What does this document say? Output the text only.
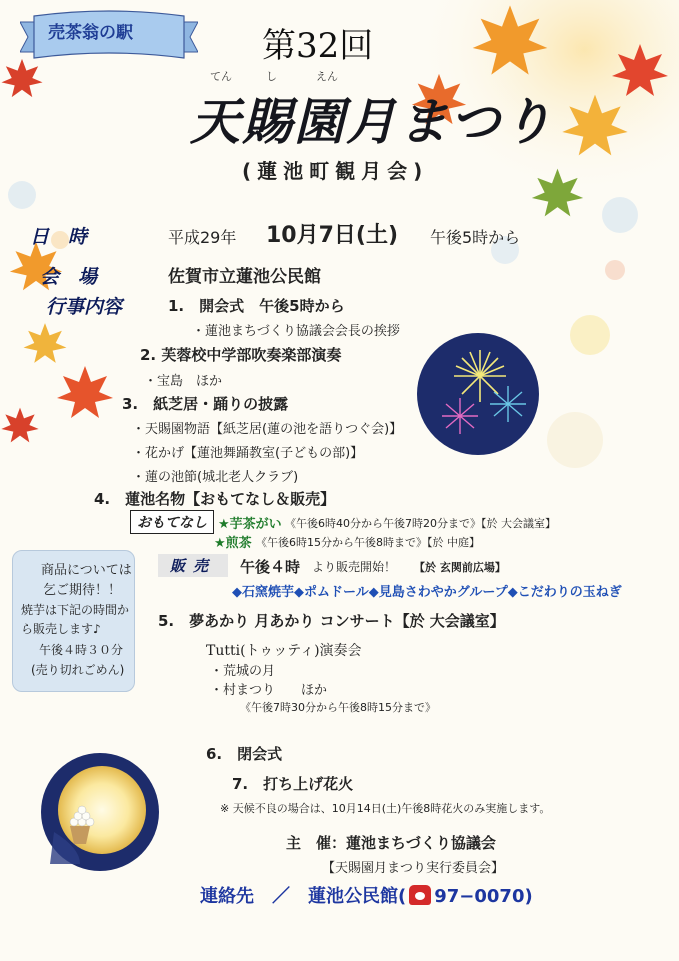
売茶翁の駅	第32回
てん	し	えん
天賜園月まつり
(蓮池町観月会)
日　時	平成29年 10月7日(土) 午後5時から
会　場	佐賀市立蓮池公民館
行事内容	1.　開会式　午後5時から
・蓮池まちづくり協議会会長の挨拶
2. 芙蓉校中学部吹奏楽部演奏
・宝島　ほか
3.　紙芝居・踊りの披露
・天賜園物語【紙芝居(蓮の池を語りつぐ会)】
・花かげ【蓮池舞踊教室(子どもの部)】
・蓮の池節(城北老人クラブ)
4.　蓮池名物【おもてなし＆販売】
おもてなし ★芋茶がい 《午後6時40分から午後7時20分まで》【於 大会議室】
★煎茶 《午後6時15分から午後8時まで》【於 中庭】
販売	午後４時 より販売開始！ 【於 玄関前広場】
◆石窯焼芋◆ポムドール◆見島さわやかグループ◆こだわりの玉ねぎ
5.　夢あかり 月あかり コンサート【於 大会議室】
Tutti(トゥッティ)演奏会
・荒城の月
・村まつり　　ほか
《午後7時30分から午後8時15分まで》
6.　閉会式
7.　打ち上げ花火
※ 天候不良の場合は、10月14日(土)午後8時花火のみ実施します。
主　催：蓮池まちづくり協議会
【天賜園月まつり実行委員会】
連絡先　／　蓮池公民館( 97−0070)
商品については
乞ご期待！！
焼芋は下記の時間か
ら販売します♪
午後４時３０分
(売り切れごめん)
